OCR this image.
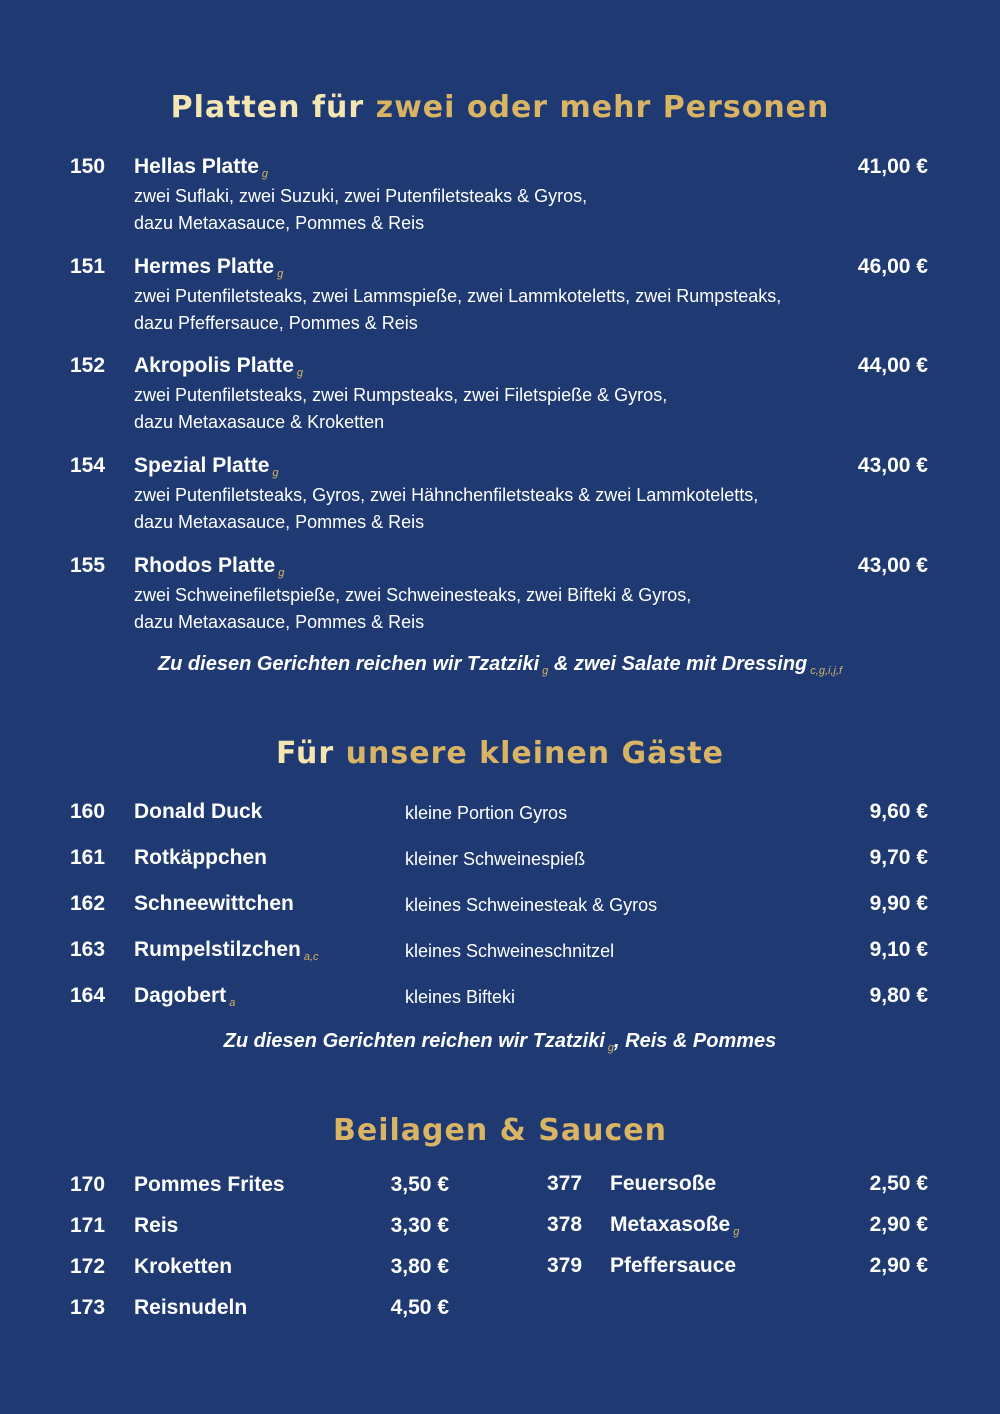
Platten für zwei oder mehr Personen
150 Hellas Platte g	41,00 €
zwei Suflaki, zwei Suzuki, zwei Putenfiletsteaks & Gyros,
dazu Metaxasauce, Pommes & Reis
151 Hermes Platte g	46,00 €
zwei Putenfiletsteaks, zwei Lammspieße, zwei Lammkoteletts, zwei Rumpsteaks,
dazu Pfeffersauce, Pommes & Reis
152 Akropolis Platte g	44,00 €
zwei Putenfiletsteaks, zwei Rumpsteaks, zwei Filetspieße & Gyros,
dazu Metaxasauce & Kroketten
154 Spezial Platte g	43,00 €
zwei Putenfiletsteaks, Gyros, zwei Hähnchenfiletsteaks & zwei Lammkoteletts,
dazu Metaxasauce, Pommes & Reis
155 Rhodos Platte g	43,00 €
zwei Schweinefiletspieße, zwei Schweinesteaks, zwei Bifteki & Gyros,
dazu Metaxasauce, Pommes & Reis
Zu diesen Gerichten reichen wir Tzatziki $_g$ & zwei Salate mit Dressing $_{c,g,i,j,f}$
Für unsere kleinen Gäste
160 Donald Duck	kleine Portion Gyros	9,60 €
161 Rotkäppchen	kleiner Schweinespieß	9,70 €
162 Schneewittchen	kleines Schweinesteak & Gyros	9,90 €
163 Rumpelstilzchen a,c	kleines Schweineschnitzel	9,10 €
164 Dagobert a	kleines Bifteki	9,80 €
Zu diesen Gerichten reichen wir Tzatziki $_g$, Reis & Pommes
Beilagen & Saucen
170 Pommes Frites	3,50 €
171 Reis	3,30 €
172 Kroketten	3,80 €
173 Reisnudeln	4,50 €
377 Feuersoße	2,50 €
378 Metaxasoße g	2,90 €
379 Pfeffersauce	2,90 €
